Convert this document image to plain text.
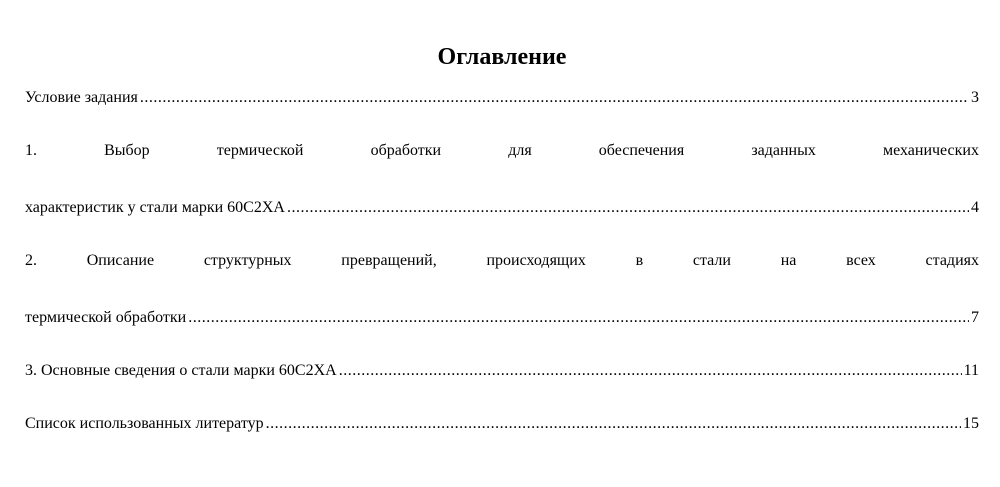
Оглавление
Условие задания .....	3
1. Выбор термической обработки для обеспечения заданных механических
характеристик у стали марки 60С2ХА .....	4
2. Описание структурных превращений, происходящих в стали на всех стадиях
термической обработки .....	7
3. Основные сведения о стали марки 60С2ХА .....	11
Список использованных литератур .....	15
